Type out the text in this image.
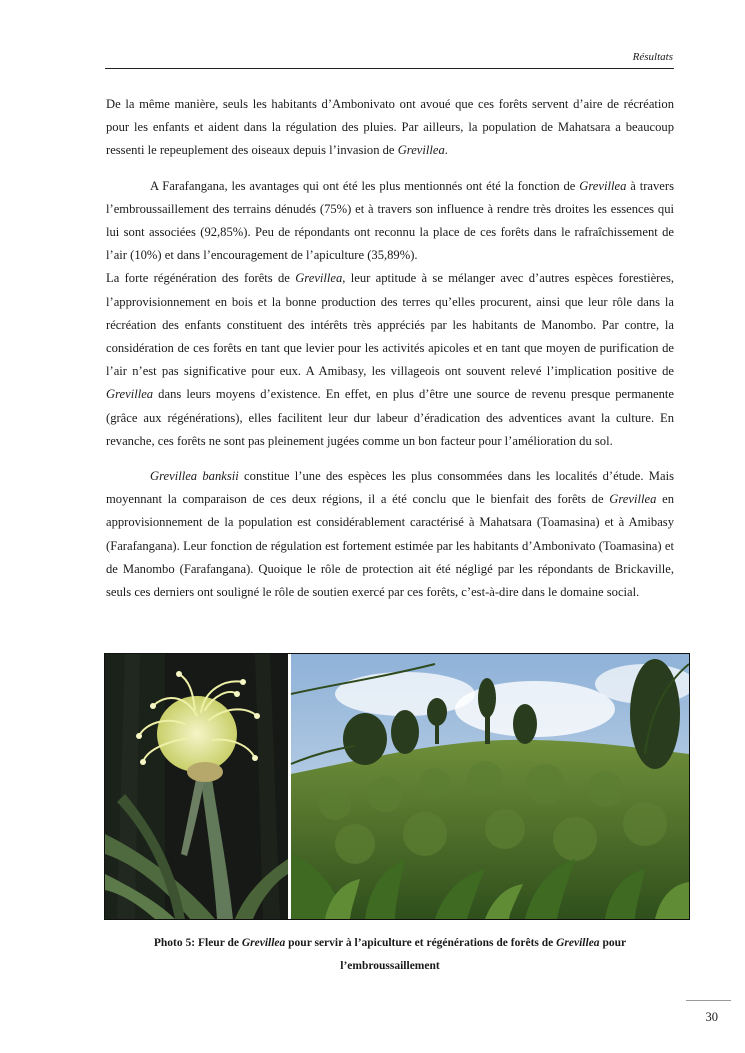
Résultats

De la même manière, seuls les habitants d’Ambonivato ont avoué que ces forêts servent d’aire de récréation pour les enfants et aident dans la régulation des pluies. Par ailleurs, la population de Mahatsara a beaucoup ressenti le repeuplement des oiseaux depuis l’invasion de Grevillea.

A Farafangana, les avantages qui ont été les plus mentionnés ont été la fonction de Grevillea à travers l’embroussaillement des terrains dénudés (75%) et à travers son influence à rendre très droites les essences qui lui sont associées (92,85%). Peu de répondants ont reconnu la place de ces forêts dans le rafraîchissement de l’air (10%) et dans l’encouragement de l’apiculture (35,89%).

La forte régénération des forêts de Grevillea, leur aptitude à se mélanger avec d’autres espèces forestières, l’approvisionnement en bois et la bonne production des terres qu’elles procurent, ainsi que leur rôle dans la récréation des enfants constituent des intérêts très appréciés par les habitants de Manombo. Par contre, la considération de ces forêts en tant que levier pour les activités apicoles et en tant que moyen de purification de l’air n’est pas significative pour eux. A Amibasy, les villageois ont souvent relevé l’implication positive de Grevillea dans leurs moyens d’existence. En effet, en plus d’être une source de revenu presque permanente (grâce aux régénérations), elles facilitent leur dur labeur d’éradication des adventices avant la culture. En revanche, ces forêts ne sont pas pleinement jugées comme un bon facteur pour l’amélioration du sol.

Grevillea banksii constitue l’une des espèces les plus consommées dans les localités d’étude. Mais moyennant la comparaison de ces deux régions, il a été conclu que le bienfait des forêts de Grevillea en approvisionnement de la population est considérablement caractérisé à Mahatsara (Toamasina) et à Amibasy (Farafangana). Leur fonction de régulation est fortement estimée par les habitants d’Ambonivato (Toamasina) et de Manombo (Farafangana). Quoique le rôle de protection ait été négligé par les répondants de Brickaville, seuls ces derniers ont souligné le rôle de soutien exercé par ces forêts, c’est-à-dire dans le domaine social.

Photo 5: Fleur de Grevillea pour servir à l’apiculture et régénérations de forêts de Grevillea pour l’embroussaillement
30
